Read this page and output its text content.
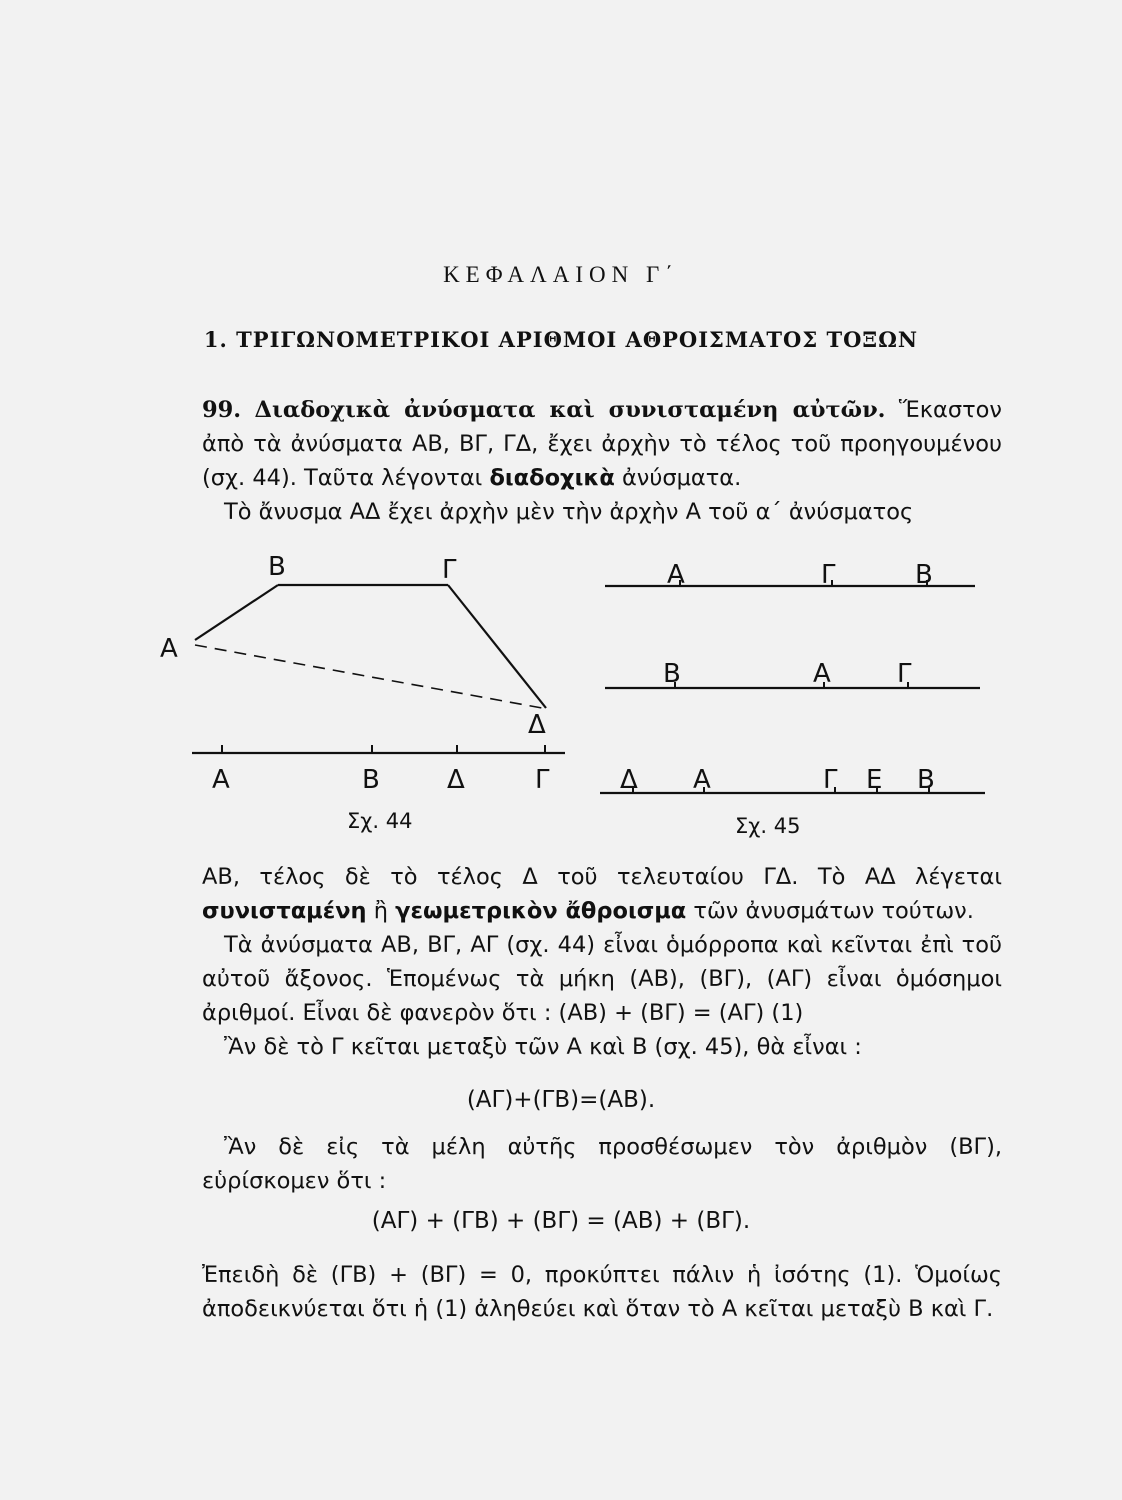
ΚΕΦΑΛΑΙΟΝ Γ΄
1. ΤΡΙΓΩΝΟΜΕΤΡΙΚΟΙ ΑΡΙΘΜΟΙ ΑΘΡΟΙΣΜΑΤΟΣ ΤΟΞΩΝ
99. Διαδοχικὰ ἀνύσματα καὶ συνισταμένη αὐτῶν. Ἕκαστον ἀπὸ τὰ ἀνύσματα ΑΒ, ΒΓ, ΓΔ, ἔχει ἀρχὴν τὸ τέλος τοῦ προηγουμένου (σχ. 44). Ταῦτα λέγονται διαδοχικὰ ἀνύσματα.
Τὸ ἄνυσμα ΑΔ ἔχει ἀρχὴν μὲν τὴν ἀρχὴν Α τοῦ α΄ ἀνύσματος
Α
Β	Γ
Δ
Α	Β	Δ	Γ
Σχ. 44
Α	Γ	Β
Β	Α	Γ
Δ Α	Γ Ε Β
Σχ. 45
ΑΒ, τέλος δὲ τὸ τέλος Δ τοῦ τελευταίου ΓΔ. Τὸ ΑΔ λέγεται συνισταμένη ἢ γεωμετρικὸν ἄθροισμα τῶν ἀνυσμάτων τούτων.
Τὰ ἀνύσματα ΑΒ, ΒΓ, ΑΓ (σχ. 44) εἶναι ὁμόρροπα καὶ κεῖνται ἐπὶ τοῦ αὐτοῦ ἄξονος. Ἑπομένως τὰ μήκη (ΑΒ), (ΒΓ), (ΑΓ) εἶναι ὁμόσημοι ἀριθμοί. Εἶναι δὲ φανερὸν ὅτι : (ΑΒ) + (ΒΓ) = (ΑΓ) (1)
Ἂν δὲ τὸ Γ κεῖται μεταξὺ τῶν Α καὶ Β (σχ. 45), θὰ εἶναι :
(ΑΓ)+(ΓΒ)=(ΑΒ).
Ἂν δὲ εἰς τὰ μέλη αὐτῆς προσθέσωμεν τὸν ἀριθμὸν (ΒΓ), εὑρίσκομεν ὅτι :
(ΑΓ) + (ΓΒ) + (ΒΓ) = (ΑΒ) + (ΒΓ).
Ἐπειδὴ δὲ (ΓΒ) + (ΒΓ) = 0, προκύπτει πάλιν ἡ ἰσότης (1). Ὁμοίως ἀποδεικνύεται ὅτι ἡ (1) ἀληθεύει καὶ ὅταν τὸ Α κεῖται μεταξὺ Β καὶ Γ.
